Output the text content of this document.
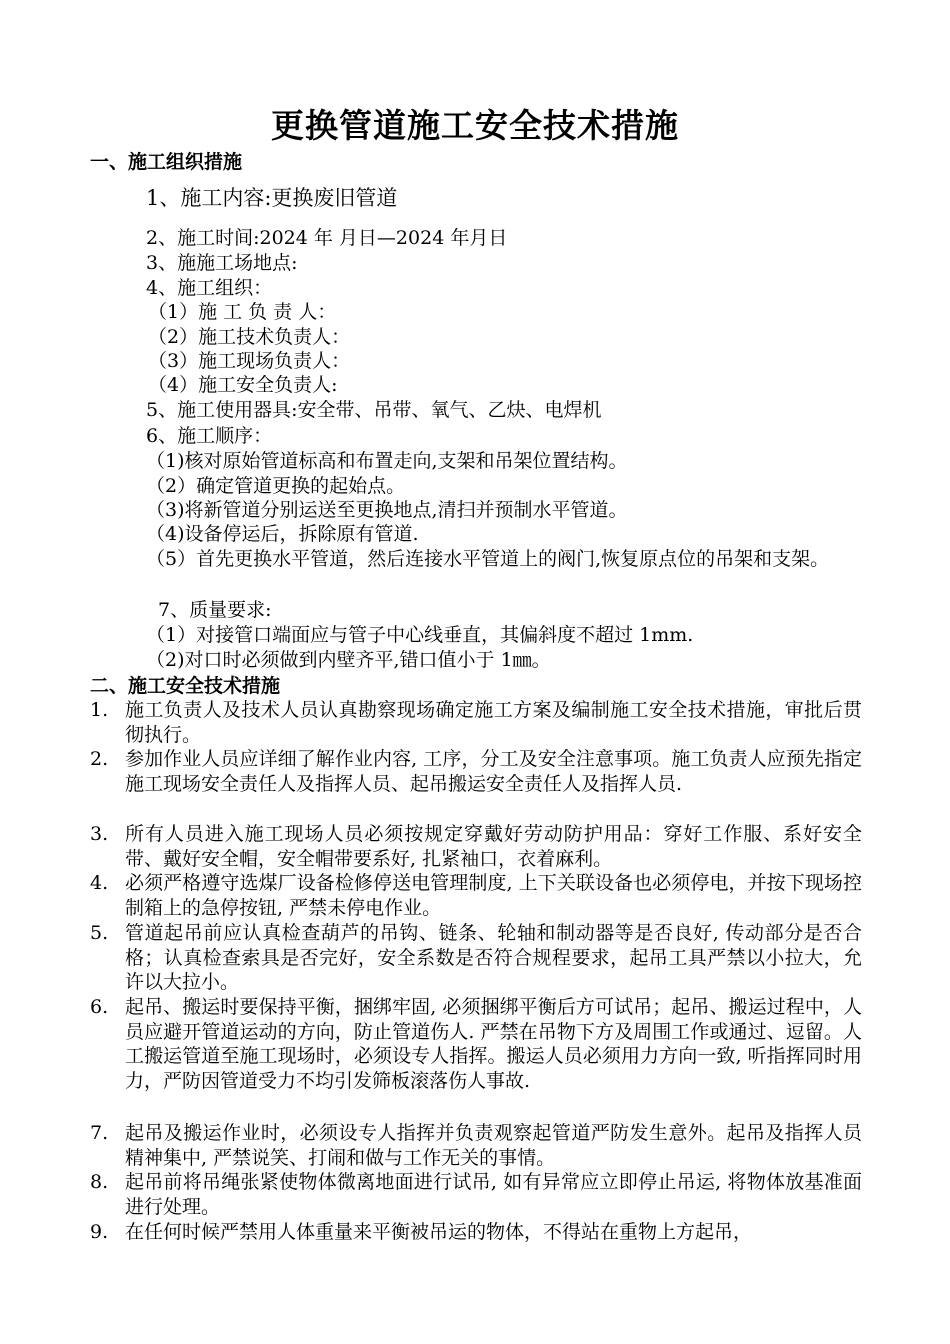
更换管道施工安全技术措施
一、施工组织措施
1、施工内容:更换废旧管道
2、施工时间:2024 年 月日—2024 年月日
3、施施工场地点:
4、施工组织：
（1）施 工 负 责 人：
（2）施工技术负责人：
（3）施工现场负责人：
（4）施工安全负责人:
5、施工使用器具:安全带、吊带、氧气、乙炔、电焊机
6、施工顺序：
（1)核对原始管道标高和布置走向,支架和吊架位置结构。
（2）确定管道更换的起始点。
（3)将新管道分别运送至更换地点,清扫并预制水平管道。
（4)设备停运后，拆除原有管道.
（5）首先更换水平管道，然后连接水平管道上的阀门,恢复原点位的吊架和支架。
7、质量要求:
（1）对接管口端面应与管子中心线垂直，其偏斜度不超过 1mm.
（2)对口时必须做到内壁齐平,错口值小于 1㎜。
二、施工安全技术措施
1. 施工负责人及技术人员认真勘察现场确定施工方案及编制施工安全技术措施，审批后贯彻执行。
2. 参加作业人员应详细了解作业内容, 工序，分工及安全注意事项。施工负责人应预先指定施工现场安全责任人及指挥人员、起吊搬运安全责任人及指挥人员.
3. 所有人员进入施工现场人员必须按规定穿戴好劳动防护用品：穿好工作服、系好安全带、戴好安全帽，安全帽带要系好, 扎紧袖口，衣着麻利。
4. 必须严格遵守选煤厂设备检修停送电管理制度, 上下关联设备也必须停电，并按下现场控制箱上的急停按钮, 严禁未停电作业。
5. 管道起吊前应认真检查葫芦的吊钩、链条、轮轴和制动器等是否良好, 传动部分是否合格；认真检查索具是否完好，安全系数是否符合规程要求，起吊工具严禁以小拉大，允许以大拉小。
6. 起吊、搬运时要保持平衡，捆绑牢固, 必须捆绑平衡后方可试吊；起吊、搬运过程中，人员应避开管道运动的方向，防止管道伤人. 严禁在吊物下方及周围工作或通过、逗留。人工搬运管道至施工现场时，必须设专人指挥。搬运人员必须用力方向一致, 听指挥同时用力，严防因管道受力不均引发筛板滚落伤人事故.
7. 起吊及搬运作业时，必须设专人指挥并负责观察起管道严防发生意外。起吊及指挥人员精神集中, 严禁说笑、打闹和做与工作无关的事情。
8. 起吊前将吊绳张紧使物体微离地面进行试吊, 如有异常应立即停止吊运, 将物体放基准面进行处理。
9. 在任何时候严禁用人体重量来平衡被吊运的物体，不得站在重物上方起吊，
